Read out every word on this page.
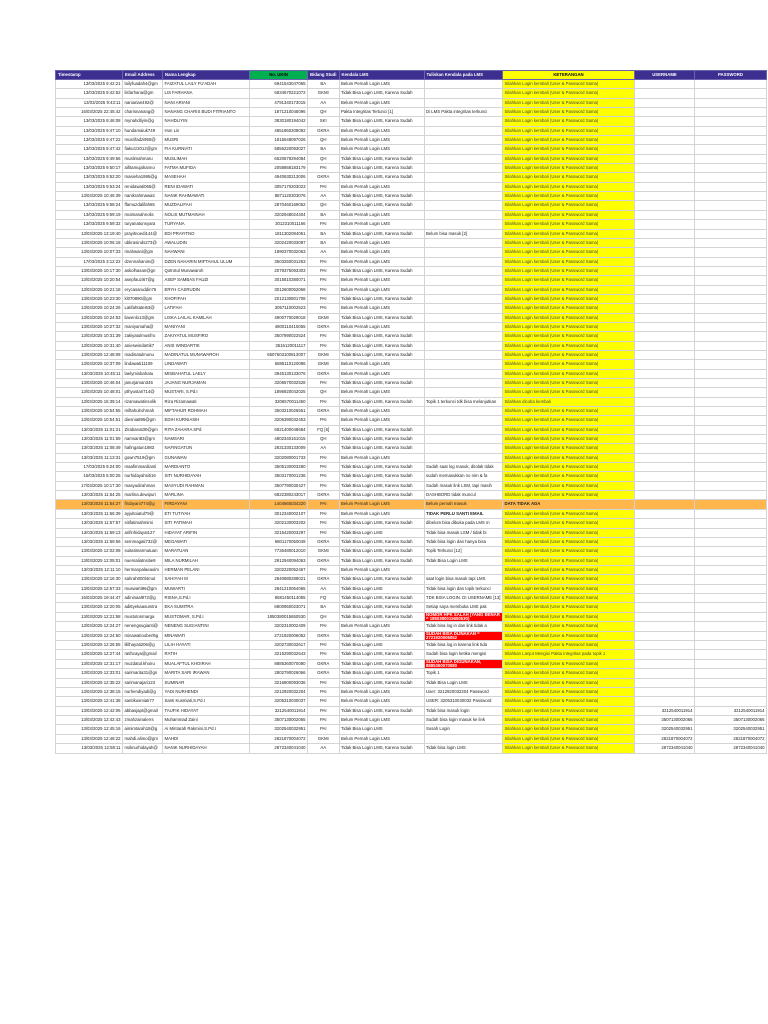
Timestamp	Email Address	Nama Lengkap	No. UKIN	Bidang Studi	Kendala LMS	Tuliskan Kendala pada LMS	KETERANGAN	USERNAME	PASSWORD
13/03/2025 9:42:21	lailyfuadah4@gm	FAIZATUL LAILY FU'ADAH	6941543047065	BA	Belum Pernah Login LMS		Silahkan Login kembali (User & Password Sama)		
13/03/2025 9:42:52	lisfarhana@gm	LIS FARHANA	6834670221072	GKMI	Tidak Bisa Login LMS, Karena Sudah		Silahkan Login kembali (User & Password Sama)		
13/03/2025 9:43:11	naniarian492@	NANI ARIANI	4791340173015	AA	Belum Pernah Login LMS		Silahkan Login kembali (User & Password Sama)		
16/03/2025 22:45:42	charisnanang@	NANANG CHARIS BUDI FITRIANTO	1871210045096	QH	Pakta Integritas Tertunci [1]	Di LMS Pakta integritas terkunci	Silahkan Login kembali (User & Password Sama)		
13/03/2025 9:46:08	mynahdliyin@g	NAHDLIYIN	3830180194042	SKI	Tidak Bisa Login LMS, Karena Sudah		Silahkan Login kembali (User & Password Sama)		
13/03/2025 9:47:10	hundamaiuk749	Hun Lin	4851860208092	GKRA	Belum Pernah Login LMS		Silahkan Login kembali (User & Password Sama)		
13/03/2025 9:47:22	musrifadzi950@	MUSRI	1815548097026	QH	Belum Pernah Login LMS		Silahkan Login kembali (User & Password Sama)		
13/03/2025 9:47:42	fiakurz2012@gm	FIA KURNIATI	5856220093027	BA	Belum Pernah Login LMS		Silahkan Login kembali (User & Password Sama)		
13/03/2025 9:49:56	muslimahmaru	MUSLIMAH	6620679294084	QH	Tidak Bisa Login LMS, Karena Sudah		Silahkan Login kembali (User & Password Sama)		
13/03/2025 9:50:17	aifitamujahanno	FATMA MUFIDA	2058868183179	PAI	Tidak Bisa Login LMS, Karena Sudah		Silahkan Login kembali (User & Password Sama)		
13/03/2025 9:52:20	masieha1995@g	MASEHAH	4940630213006	GKRA	Tidak Bisa Login LMS, Karena Sudah		Silahkan Login kembali (User & Password Sama)		
13/03/2025 9:53:24	renidawati065@	RENI IDAWATI	3057170203023	PAI	Belum Pernah Login LMS		Silahkan Login kembali (User & Password Sama)		
13/03/2025 10:46:39	nanikrahmawati	NANIK RAHMAWATI	8871120303076	AA	Tidak Bisa Login LMS, Karena Sudah		Silahkan Login kembali (User & Password Sama)		
13/03/2025 9:58:24	ffamuzdalifah65	MUZDALIFAH	2870460169052	QH	Tidak Bisa Login LMS, Karena Sudah		Silahkan Login kembali (User & Password Sama)		
13/03/2025 9:59:19	mutmanahnolis	NOLIS MUTMAINAH	3202948024404	BA	Belum Pernah Login LMS		Silahkan Login kembali (User & Password Sama)		
13/03/2025 9:59:32	turyanatunsyara	TURYANA	3012310011166	PAI	Belum Pernah Login LMS		Silahkan Login kembali (User & Password Sama)		
13/03/2025 13:19:40	prayitnoedi144@	EDI PRAYITNO	1811302084061	BA	Tidak Bisa Login LMS, Karena Sudah	Belum bisa masuk [2]	Silahkan Login kembali (User & Password Sama)		
13/03/2025 10:06:18	ubkrasinds273@	AWALUDIN	3202420033087	BA	Belum Pernah Login LMS		Silahkan Login kembali (User & Password Sama)		
13/03/2025 10:07:33	rinahwani@gm	NAHWANI	1890370032063	AA	Belum Pernah Login LMS		Silahkan Login kembali (User & Password Sama)		
17/03/2025 3:12:22	dzennahanim@	DZEN NAHARIN MIFTAHUL ULUM	3503250031263	PAI	Belum Pernah Login LMS		Silahkan Login kembali (User & Password Sama)		
13/03/2025 10:17:30	askolhasan@gn	Qotrotul Munawaroh	2079375093303	PAI	Tidak Bisa Login LMS, Karena Sudah		Silahkan Login kembali (User & Password Sama)		
13/03/2025 10:20:54	asepfauzi67@g	ASEP SAMBAS FAUZI	3015810380071	PAI	Belum Pernah Login LMS		Silahkan Login kembali (User & Password Sama)		
13/03/2025 10:21:18	erycasaruddin76	ERYH CASRUDIN	3012600052068	PAI	Belum Pernah Login LMS		Silahkan Login kembali (User & Password Sama)		
13/03/2025 10:23:30	kl070890@gm	KHOFIFAH	2012130801708	PAI	Tidak Bisa Login LMS, Karena Sudah		Silahkan Login kembali (User & Password Sama)		
13/03/2025 10:24:26	Latifahtatei63@	LATIFAH	3057110002523	PAI	Belum Pernah Login LMS		Silahkan Login kembali (User & Password Sama)		
13/03/2025 10:24:53	liavenlo13@gm	LISKA LAILAL KAMILAH	4900770029018	GKMI	Tidak Bisa Login LMS, Karena Sudah		Silahkan Login kembali (User & Password Sama)		
13/03/2025 10:27:32	maniyamaha@	MANIYANI	4800110415055	GKRA	Belum Pernah Login LMS		Silahkan Login kembali (User & Password Sama)		
13/03/2025 10:31:39	zakiyatulmusifro	ZAKIYATUL MUSFIRO	3507990022524	PAI	Tidak Bisa Login LMS, Karena Sudah		Silahkan Login kembali (User & Password Sama)		
13/03/2025 10:31:40	anieswindartik7	ANIS WINDARTIK	3516120011117	PAI	Tidak Bisa Login LMS, Karena Sudah		Silahkan Login kembali (User & Password Sama)		
13/03/2025 12:48:08	madinatulmunu	MADINATUL MUNAWAROH	6507603100813007	GKMI	Tidak Bisa Login LMS, Karena Sudah		Silahkan Login kembali (User & Password Sama)		
13/03/2025 10:37:09	lindawati11109	LINDAWATI	6885110120086	GKMI	Belum Pernah Login LMS		Silahkan Login kembali (User & Password Sama)		
13/03/2025 10:45:11	laelymisbahatu	MISBAHATUL LAELY	3945130133076	GKRA	Belum Pernah Login LMS		Silahkan Login kembali (User & Password Sama)		
13/03/2025 10:46:04	janurjaman345	JAJANG NURJAMAN	3206570032528	PAI	Tidak Bisa Login LMS, Karena Sudah		Silahkan Login kembali (User & Password Sama)		
13/03/2025 10:48:01	pthyustari714@	MUSTARI, S.Pd.I	1896920042025	QH	Belum Pernah Login LMS		Silahkan Login kembali (User & Password Sama)		
13/03/2025 15:39:14	rizamawatinsolik	Riza Rizamawati	3206570011450	PAI	Tidak Bisa Login LMS, Karena Sudah	Topik 1 terkunci tdk bisa melanjutkan	Silahkan dicoba kembali		
13/03/2025 10:54:55	miftahulrohmah	MIFTAHUR ROHMAH	3503210026551	GKRA	Belum Pernah Login LMS		Silahkan Login kembali (User & Password Sama)		
13/03/2025 10:54:51	diesnia895@gm	EDIH KURNIASIH	3206390032453	PAI	Belum Pernah Login LMS		Silahkan Login kembali (User & Password Sama)		
13/03/2025 11:01:21	Zirabanat30@gm	RITA ZAHARA SPd	6821400048684	FQ [6]	Tidak Bisa Login LMS, Karena Sudah		Silahkan Login kembali (User & Password Sama)		
13/03/2025 11:01:59	namsari83@gm	NAMSARI	4802340161015	QH	Tidak Bisa Login LMS, Karena Sudah		Silahkan Login kembali (User & Password Sama)		
13/03/2025 11:08:49	hafingatun1983	NAFINGATUN	2831330133009	AA	Tidak Bisa Login LMS, Karena Sudah		Silahkan Login kembali (User & Password Sama)		
13/03/2025 11:13:31	gown7519@gm	GUNAWAN	3202080001733	PAI	Belum Pernah Login LMS		Silahkan Login kembali (User & Password Sama)		
17/03/2025 9:24:00	maafimmardianti	MARDIANTO	3505130003280	PAI	Tidak Bisa Login LMS, Karena Sudah	Sudah saat log masuk, ditolak tidak	Silahkan Login kembali (User & Password Sama)		
15/03/2025 5:00:25	nurhidayahsiti16	SITI NURHIDAYAH	3503170001236	PAI	Tidak Bisa Login LMS, Karena Sudah	sudah memasukkan no nim & fa	Silahkan Login kembali (User & Password Sama)		
17/03/2025 10:17:30	masyudirahman	MASYUDI RAHMAN	3507790030427	PAI	Tidak Bisa Login LMS, Karena Sudah	Sudah masuk link LSM, tapi masih	Silahkan Login kembali (User & Password Sama)		
13/03/2025 11:54:25	marlina.dewipuri	MARLINA	6822380243017	GKRA	Tidak Bisa Login LMS, Karena Sudah	DASHBORD tidak muncul	Silahkan Login kembali (User & Password Sama)		
13/03/2025 11:54:27	firdayani774@g	FIRDAYANI	1404665034320	PAI	Belum Pernah Login LMS	Belum pernah masuk	DATA TIDAK ADA		
13/03/2025 11:56:39	ayjultoiatul79@	ETI TUTIYAH	3012340002107	PAI	Belum Pernah Login LMS	TIDAK PERLU SANTI EMAIL	Silahkan Login kembali (User & Password Sama)		
13/03/2025 11:57:57	sitifatimahmimi	SITI FATIMAH	3202130003202	PAI	Tidak Bisa Login LMS, Karena Sudah	dibelum bisa dibuka pada LMS m	Silahkan Login kembali (User & Password Sama)		
13/03/2025 11:59:13	arifinhidayat127	HIDAYAT ARIFIN	3215420003297	PAI	Tidak Bisa Login LMS	Tidak bisa masuk LSM / tidak bi	Silahkan Login kembali (User & Password Sama)		
13/03/2025 11:59:56	semmagati732@	MEGAWATI	6801170050049	GKRA	Tidak Bisa Login LMS, Karena Sudah	Tidak bisa login dan hanya bisa	Silahkan Login kembali (User & Password Sama)		
13/03/2025 12:02:08	suitatimarmutuan	MARATUAN	7736480012010	GKMI	Tidak Bisa Login LMS, Karena Sudah	Topik Terkunci [12]	Silahkan Login kembali (User & Password Sama)		
13/03/2025 12:05:01	nuemaliatnsitie9	MILA NURMILAH	2912940094063	GKRA	Tidak Bisa Login LMS, Karena Sudah	Tidak Bisa Login LMS	Silahkan Login kembali (User & Password Sama)		
13/03/2025 12:11:10	hermanpalaeaulm	HERMAN PELANI	3202220052467	PAI	Belum Pernah Login LMS		Silahkan Login kembali (User & Password Sama)		
13/03/2025 12:16:30	sahrah000l4mut	SAHIYAH M	2840880289021	GKRA	Tidak Bisa Login LMS, Karena Sudah	saat login bisa masuk tapi LMS	Silahkan Login kembali (User & Password Sama)		
13/03/2025 12:57:33	muswarti96@gm	MUWARTI	2841210064065	AA	Tidak Bisa Login LMS	Tidak bisa login dan topik terkunci	Silahkan Login kembali (User & Password Sama)		
16/03/2025 19:44:47	adininaal972@g	RISNA,S.Pd.I	8681450114055	FQ	Tidak Bisa Login LMS, Karena Sudah	TDK BISA LOGIN. DI USERNAME [13]	Silahkan Login kembali (User & Password Sama)		
13/03/2025 12:20:05	adittyekaasumtra	EKA SUMITRA	6800950023071	BA	Tidak Bisa Login LMS, Karena Sudah	Setiap saya membuka LMS pak	Silahkan Login kembali (User & Password Sama)		
13/03/2025 12:21:58	mustotonmarga	MUSTOMAR, S.Pd.I	1850380015650530	QH	Tidak Bisa Login LMS, Karena Sudah	NOMOR HPK SALAH (YANG BENAR = 1850380015650530)	Silahkan Login kembali (User & Password Sama)		
13/03/2025 12:24:27	nenengsugianti@	NENENG SUGIANTINI	3202310002409	PAI	Belum Pernah Login LMS	Tidak bisa log in dan link tidak a	Silahkan Login kembali (User & Password Sama)		
13/03/2025 12:24:50	minawatiooberl6g	MINAWATI	2721920006052	GKRA	Tidak Bisa Login LMS, Karena Sudah	SUDAH BISA DIJNAKAN = 2721920006052	Silahkan Login kembali (User & Password Sama)		
13/03/2025 12:26:55	lililhayati206@g	LILIH HAYATI	3202730032617	PAI	Tidak Bisa Login LMS	Tidak bisa log in karena link tida	Silahkan Login kembali (User & Password Sama)		
13/03/2025 12:27:44	ratihcaya@gmail	RATIH	3215290032643	PAI	Tidak Bisa Login LMS, Karena Sudah	Sudah bisa login ketika mengisi	Silahkan Lanjut Mengisi Pakta integritas pada topik 1		
13/03/2025 12:31:17	muzdatul.khoiru	MUALAFTUL KHOIRAH	8885360070080	GKRA	Tidak Bisa Login LMS, Karena Sudah	SUDAH BISA DIGUNAKAN, 8885360070080	Silahkan Login kembali (User & Password Sama)		
13/03/2025 12:33:01	sarimarita31@gn	MARITA SARI IRAWAN	2802790026066	GKRA	Tidak Bisa Login LMS, Karena Sudah	Topik 1	Silahkan Login kembali (User & Password Sama)		
13/03/2025 12:35:22	sarimanajari123	SUMINAR	3216800093036	PAI	Tidak Bisa Login LMS, Karena Sudah	Tidak Bisa Login LMS	Silahkan Login kembali (User & Password Sama)		
13/03/2025 12:38:15	nurhendiyadi@g	YADI NURHENDI	3212920032204	PAI	Belum Pernah Login LMS	User: 3212920032204 Password	Silahkan Login kembali (User & Password Sama)		
13/03/2025 12:41:38	santikusmiati77	Santi Kusmiati,S.Pd.I	3205310030037	PAI	Belum Pernah Login LMS	USER: 3205310030032 Password	Silahkan Login kembali (User & Password Sama)		
13/03/2025 12:42:06	abbasjapt@gmail	TAUFIK HIDAYAT	3212540011914	PAI	Tidak Bisa Login LMS, Karena Sudah	Tidak bisa masuk login	Silahkan Login kembali (User & Password Sama)	3212540011914	3212540011914
13/03/2025 12:42:43	zmahzainalerrs	Muhammad Zaini	3507130002065	PAI	Belum Pernah Login LMS	Sudah bisa login masuk ke link	Silahkan Login kembali (User & Password Sama)	3507130002065	3507130002065
13/03/2025 12:45:16	aimimtarah18@g	Ai Mintarah Rakmini,S.Pd.I	3202540032951	PAI	Tidak Bisa Login LMS	Susah Login	Silahkan Login kembali (User & Password Sama)	3202540032951	3202540032951
13/03/2025 12:48:22	mahdi.alimo@gm	MAHDI	2821870004072	GKMI	Belum Pernah Login LMS		Silahkan Login kembali (User & Password Sama)	2821870004072	2821870004072
13/03/2025 12:58:11	nsiknurhidayah@	NANIK NURHIDAYAH	2872340041040	AA	Tidak Bisa Login LMS, Karena Sudah	Tidak bisa login LMS	Silahkan Login kembali (User & Password Sama)	2872340041040	2872340041040
